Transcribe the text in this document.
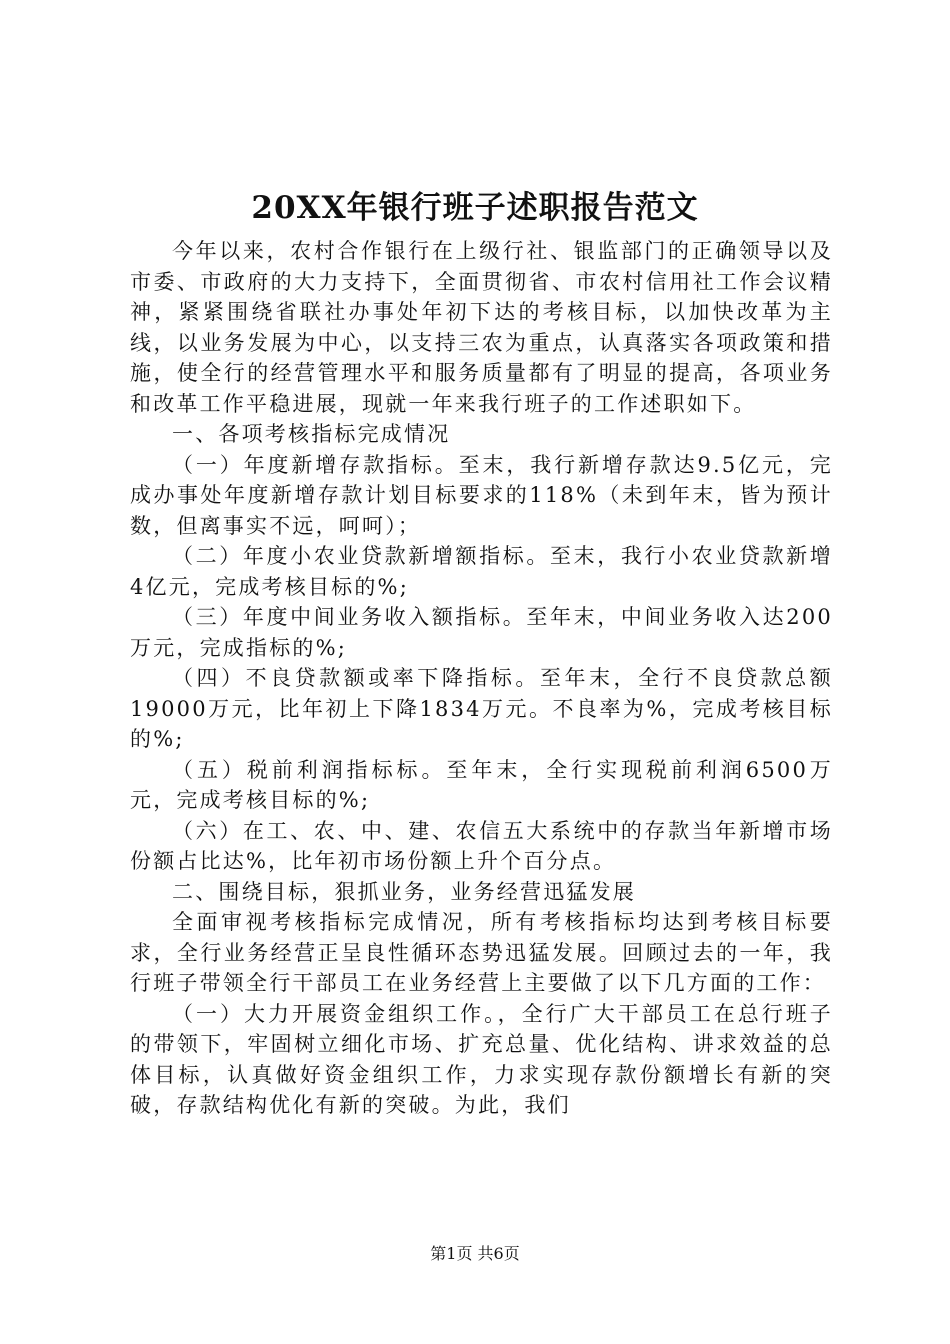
20XX年银行班子述职报告范文

今年以来，农村合作银行在上级行社、银监部门的正确领导以及市委、市政府的大力支持下，全面贯彻省、市农村信用社工作会议精神，紧紧围绕省联社办事处年初下达的考核目标，以加快改革为主线，以业务发展为中心，以支持三农为重点，认真落实各项政策和措施，使全行的经营管理水平和服务质量都有了明显的提高，各项业务和改革工作平稳进展，现就一年来我行班子的工作述职如下。

一、各项考核指标完成情况

（一）年度新增存款指标。至末，我行新增存款达9.5亿元，完成办事处年度新增存款计划目标要求的118%（未到年末，皆为预计数，但离事实不远，呵呵）；

（二）年度小农业贷款新增额指标。至末，我行小农业贷款新增4亿元，完成考核目标的%;

（三）年度中间业务收入额指标。至年末，中间业务收入达200万元，完成指标的%;

（四）不良贷款额或率下降指标。至年末，全行不良贷款总额19000万元，比年初上下降1834万元。不良率为%，完成考核目标的%;

（五）税前利润指标标。至年末，全行实现税前利润6500万元，完成考核目标的%;

（六）在工、农、中、建、农信五大系统中的存款当年新增市场份额占比达%，比年初市场份额上升个百分点。

二、围绕目标，狠抓业务，业务经营迅猛发展

全面审视考核指标完成情况，所有考核指标均达到考核目标要求，全行业务经营正呈良性循环态势迅猛发展。回顾过去的一年，我行班子带领全行干部员工在业务经营上主要做了以下几方面的工作：

（一）大力开展资金组织工作。，全行广大干部员工在总行班子的带领下，牢固树立细化市场、扩充总量、优化结构、讲求效益的总体目标，认真做好资金组织工作，力求实现存款份额增长有新的突破，存款结构优化有新的突破。为此，我们

第1页 共6页
